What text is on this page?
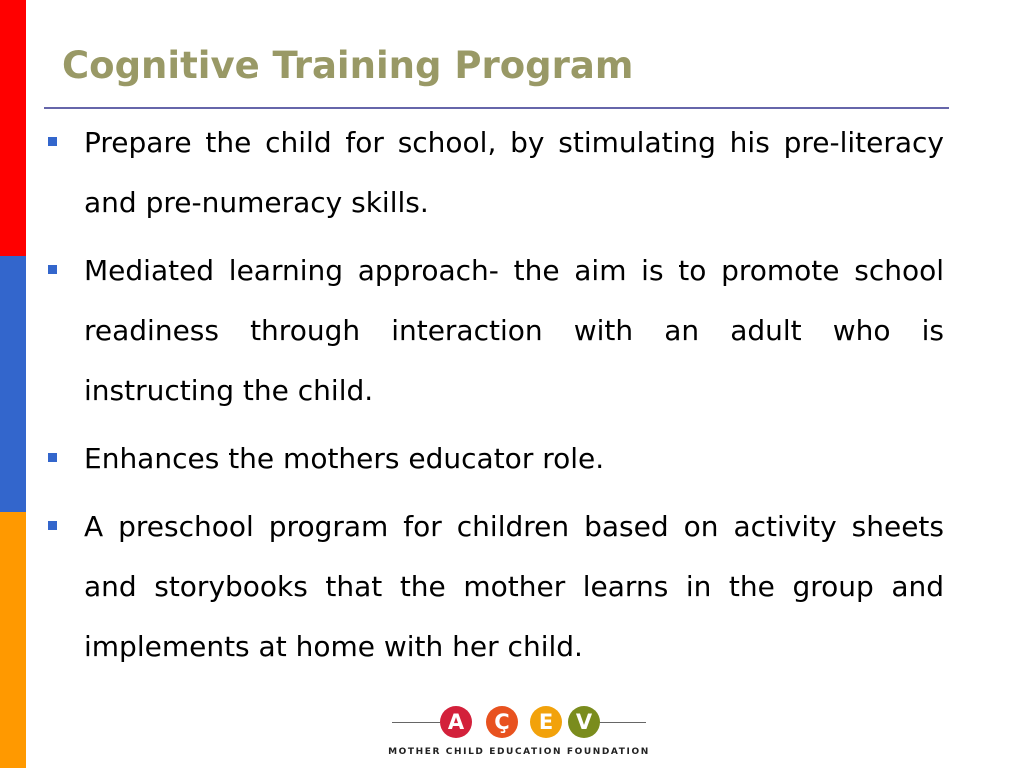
Cognitive Training Program
Prepare the child for school, by stimulating his pre-literacy and pre-numeracy skills.
Mediated learning approach- the aim is to promote school readiness through interaction with an adult who is instructing the child.
Enhances the mothers educator role.
A preschool program for children based on activity sheets and storybooks that the mother learns in the group and implements at home with her child.
A	Ç	E	V
MOTHER CHILD EDUCATION FOUNDATION
